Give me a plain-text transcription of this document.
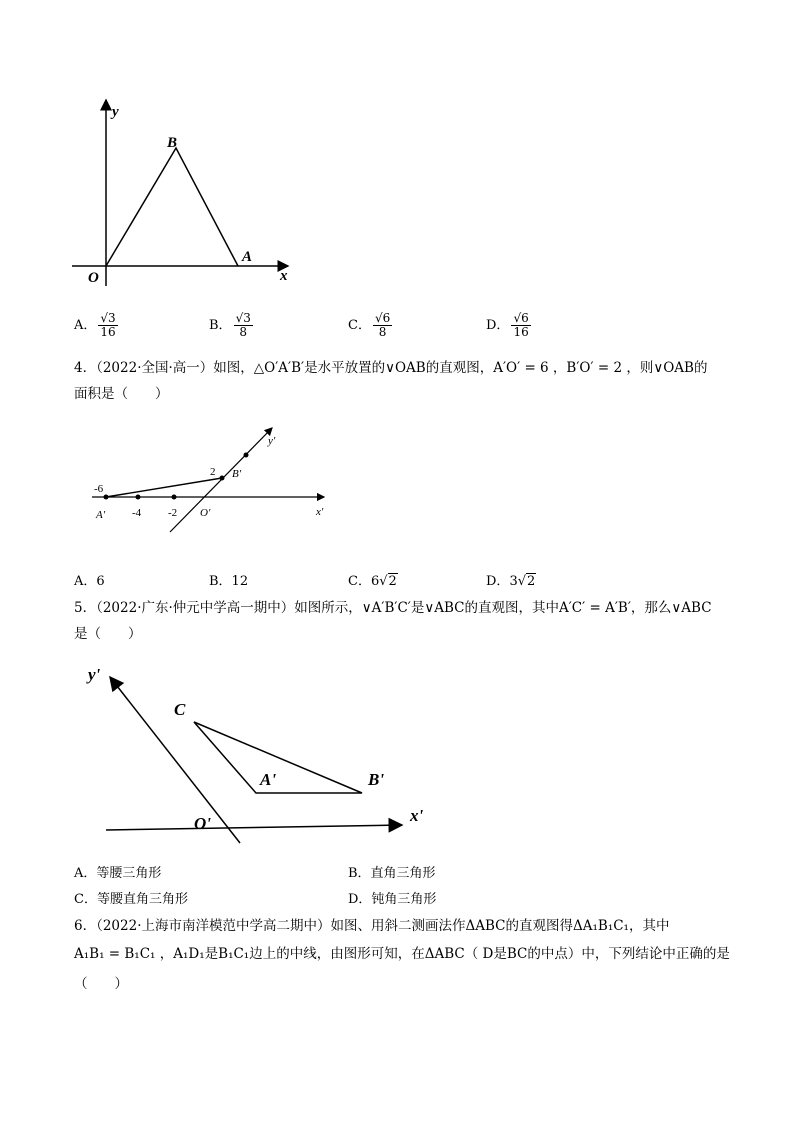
y
x
O
A
B
A． $\frac{√3}{16}$	B． $\frac{√3}{8}$	C． $\frac{√6}{8}$	D． $\frac{√6}{16}$
4．（2022·全国·高一）如图，△O′A′B′是水平放置的∨OAB的直观图，A′O′ = 6 ，B′O′ = 2 ，则∨OAB的
面积是（　　）
y′
x′
-6
-4 -2
2
A′	O′
B′
A．6	B．12	C．6√2	D．3√2
5．（2022·广东·仲元中学高一期中）如图所示，∨A′B′C′是∨ABC的直观图，其中A′C′ = A′B′，那么∨ABC
是（　　）
y'
x'
C
A'	B'
O'
A．等腰三角形	B．直角三角形
C．等腰直角三角形	D．钝角三角形
6．（2022·上海市南洋模范中学高二期中）如图、用斜二测画法作ΔABC的直观图得ΔA₁B₁C₁，其中
A₁B₁ = B₁C₁ ，A₁D₁是B₁C₁边上的中线，由图形可知，在ΔABC（ D是BC的中点）中，下列结论中正确的是
（　　）
